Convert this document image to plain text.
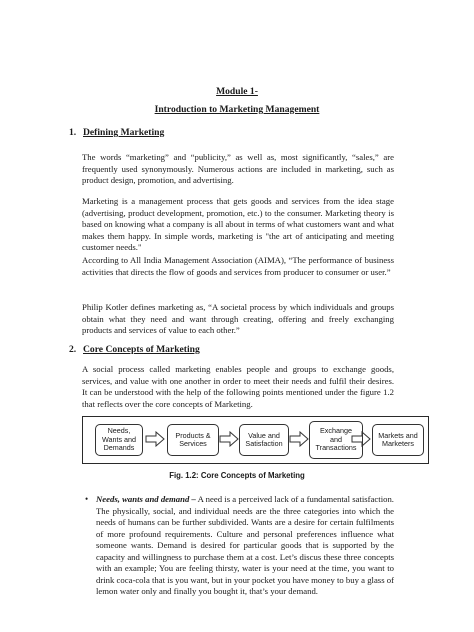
Module 1-
Introduction to Marketing Management
1. Defining Marketing

The words “marketing” and “publicity,” as well as, most significantly, “sales,” are frequently used synonymously. Numerous actions are included in marketing, such as product design, promotion, and advertising.

Marketing is a management process that gets goods and services from the idea stage (advertising, product development, promotion, etc.) to the consumer. Marketing theory is based on knowing what a company is all about in terms of what customers want and what makes them happy. In simple words, marketing is "the art of anticipating and meeting customer needs."

According to All India Management Association (AIMA), “The performance of business activities that directs the flow of goods and services from producer to consumer or user.”

Philip Kotler defines marketing as, “A societal process by which individuals and groups obtain what they need and want through creating, offering and freely exchanging products and services of value to each other.”

2. Core Concepts of Marketing

A social process called marketing enables people and groups to exchange goods, services, and value with one another in order to meet their needs and fulfil their desires. It can be understood with the help of the following points mentioned under the figure 1.2 that reflects over the core concepts of Marketing.

Needs,
Wants and
Demands
Products &
Services
Value and
Satisfaction
Exchange
and
Transactions
Markets and
Marketers
Fig. 1.2: Core Concepts of Marketing
• Needs, wants and demand – A need is a perceived lack of a fundamental satisfaction. The physically, social, and individual needs are the three categories into which the needs of humans can be further subdivided. Wants are a desire for certain fulfilments of more profound requirements. Culture and personal preferences influence what someone wants. Demand is desired for particular goods that is supported by the capacity and willingness to purchase them at a cost. Let’s discus these three concepts with an example; You are feeling thirsty, water is your need at the time, you want to drink coca-cola that is you want, but in your pocket you have money to buy a glass of lemon water only and finally you bought it, that’s your demand.
